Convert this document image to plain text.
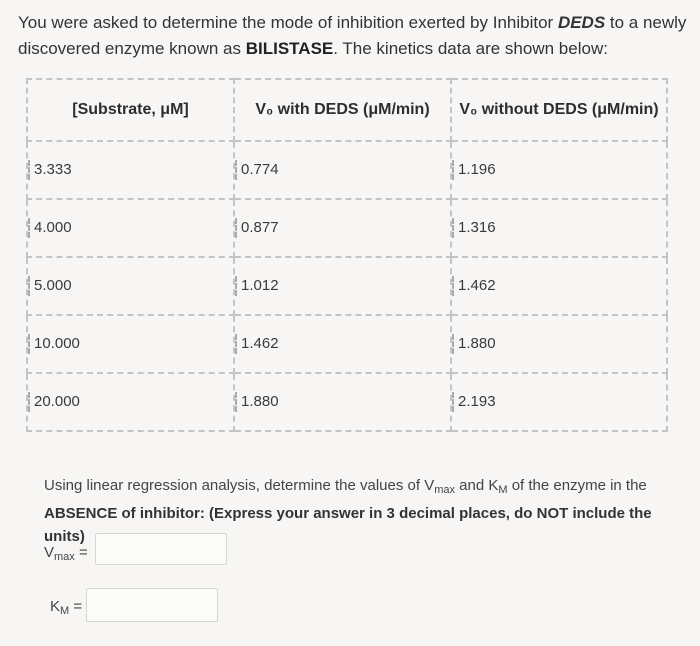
You were asked to determine the mode of inhibition exerted by Inhibitor DEDS to a newly discovered enzyme known as BILISTASE. The kinetics data are shown below:
[Substrate, μM]	V₀ with DEDS (μM/min)	V₀ without DEDS (μM/min)
3.333	0.774	1.196
4.000	0.877	1.316
5.000	1.012	1.462
10.000	1.462	1.880
20.000	1.880	2.193
Using linear regression analysis, determine the values of $V_{max}$ and $K_M$ of the enzyme in the
ABSENCE of inhibitor: (Express your answer in 3 decimal places, do NOT include the units)
$V_{max}$ =
$K_M$ =
